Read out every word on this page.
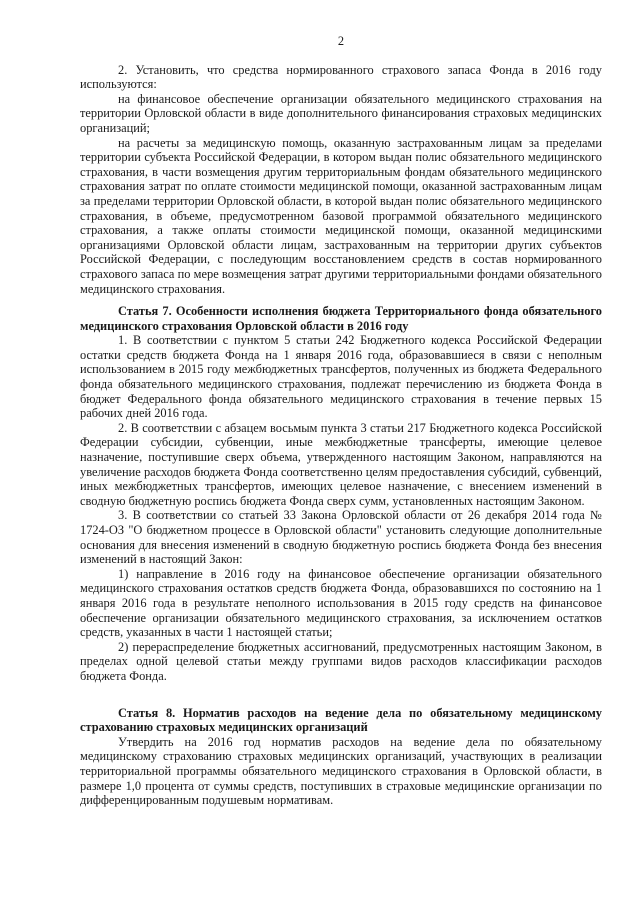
2

2. Установить, что средства нормированного страхового запаса Фонда в 2016 году используются:

на финансовое обеспечение организации обязательного медицинского страхования на территории Орловской области в виде дополнительного финансирования страховых медицинских организаций;

на расчеты за медицинскую помощь, оказанную застрахованным лицам за пределами территории субъекта Российской Федерации, в котором выдан полис обязательного медицинского страхования, в части возмещения другим территориальным фондам обязательного медицинского страхования затрат по оплате стоимости медицинской помощи, оказанной застрахованным лицам за пределами территории Орловской области, в которой выдан полис обязательного медицинского страхования, в объеме, предусмотренном базовой программой обязательного медицинского страхования, а также оплаты стоимости медицинской помощи, оказанной медицинскими организациями Орловской области лицам, застрахованным на территории других субъектов Российской Федерации, с последующим восстановлением средств в состав нормированного страхового запаса по мере возмещения затрат другими территориальными фондами обязательного медицинского страхования.

Статья 7. Особенности исполнения бюджета Территориального фонда обязательного медицинского страхования Орловской области в 2016 году

1. В соответствии с пунктом 5 статьи 242 Бюджетного кодекса Российской Федерации остатки средств бюджета Фонда на 1 января 2016 года, образовавшиеся в связи с неполным использованием в 2015 году межбюджетных трансфертов, полученных из бюджета Федерального фонда обязательного медицинского страхования, подлежат перечислению из бюджета Фонда в бюджет Федерального фонда обязательного медицинского страхования в течение первых 15 рабочих дней 2016 года.

2. В соответствии с абзацем восьмым пункта 3 статьи 217 Бюджетного кодекса Российской Федерации субсидии, субвенции, иные межбюджетные трансферты, имеющие целевое назначение, поступившие сверх объема, утвержденного настоящим Законом, направляются на увеличение расходов бюджета Фонда соответственно целям предоставления субсидий, субвенций, иных межбюджетных трансфертов, имеющих целевое назначение, с внесением изменений в сводную бюджетную роспись бюджета Фонда сверх сумм, установленных настоящим Законом.

3. В соответствии со статьей 33 Закона Орловской области от 26 декабря 2014 года № 1724-ОЗ "О бюджетном процессе в Орловской области" установить следующие дополнительные основания для внесения изменений в сводную бюджетную роспись бюджета Фонда без внесения изменений в настоящий Закон:

1) направление в 2016 году на финансовое обеспечение организации обязательного медицинского страхования остатков средств бюджета Фонда, образовавшихся по состоянию на 1 января 2016 года в результате неполного использования в 2015 году средств на финансовое обеспечение организации обязательного медицинского страхования, за исключением остатков средств, указанных в части 1 настоящей статьи;

2) перераспределение бюджетных ассигнований, предусмотренных настоящим Законом, в пределах одной целевой статьи между группами видов расходов классификации расходов бюджета Фонда.

Статья 8. Норматив расходов на ведение дела по обязательному медицинскому страхованию страховых медицинских организаций

Утвердить на 2016 год норматив расходов на ведение дела по обязательному медицинскому страхованию страховых медицинских организаций, участвующих в реализации территориальной программы обязательного медицинского страхования в Орловской области, в размере 1,0 процента от суммы средств, поступивших в страховые медицинские организации по дифференцированным подушевым нормативам.
